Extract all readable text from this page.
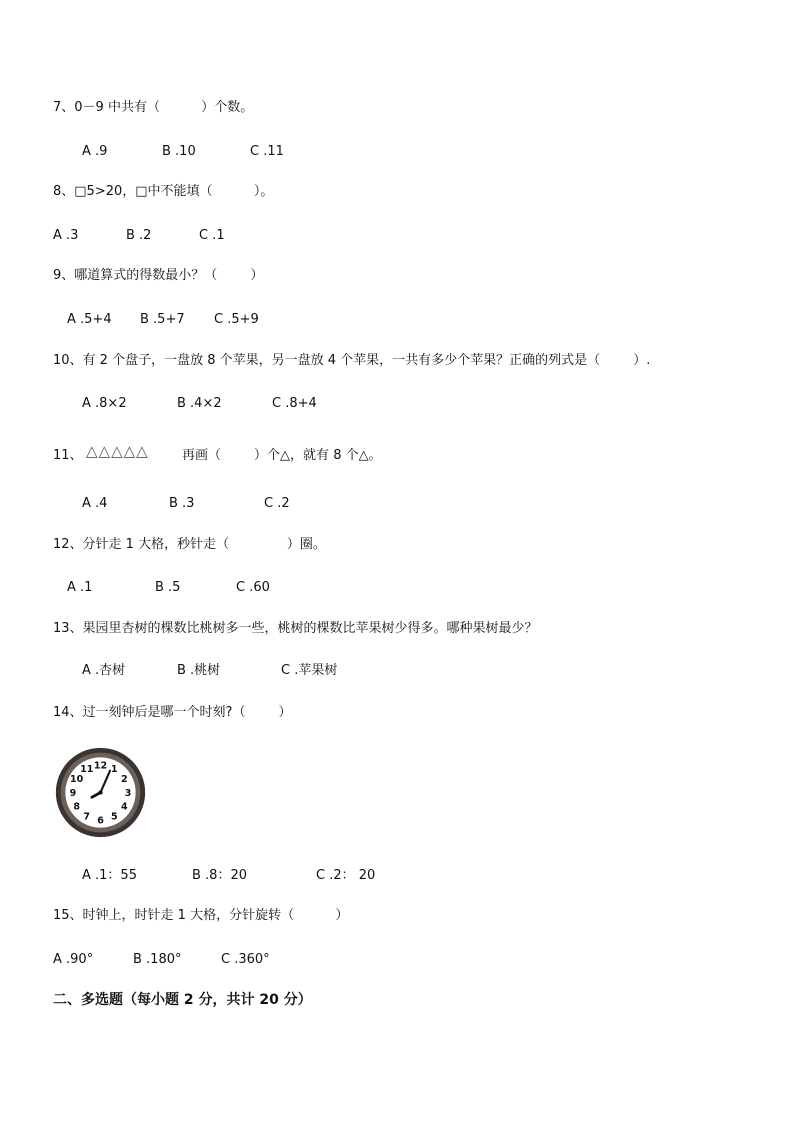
7、0－9 中共有（          ）个数。
A .9	B .10	C .11
8、□5>20，□中不能填（          ）。
A .3	B .2	C .1
9、哪道算式的得数最小？（        ）
A .5+4 B .5+7 C .5+9
10、有 2 个盘子，一盘放 8 个苹果，另一盘放 4 个苹果，一共有多少个苹果？正确的列式是（        ）.
A .8×2	B .4×2	C .8+4
11、 △△△△△	再画（        ）个△，就有 8 个△。
A .4	B .3	C .2
12、分针走 1 大格，秒针走（              ）圈。
A .1	B .5	C .60
13、果园里杏树的棵数比桃树多一些，桃树的棵数比苹果树少得多。哪种果树最少？
A .杏树	B .桃树	C .苹果树
14、过一刻钟后是哪一个时刻?（        ）
12 1
2
3
4
5
6
7
8
9
10
11
A .1：55	B .8：20	C .2： 20
15、时钟上，时针走 1 大格，分针旋转（          ）
A .90°	B .180°	C .360°
二、多选题（每小题 2 分，共计 20 分）
